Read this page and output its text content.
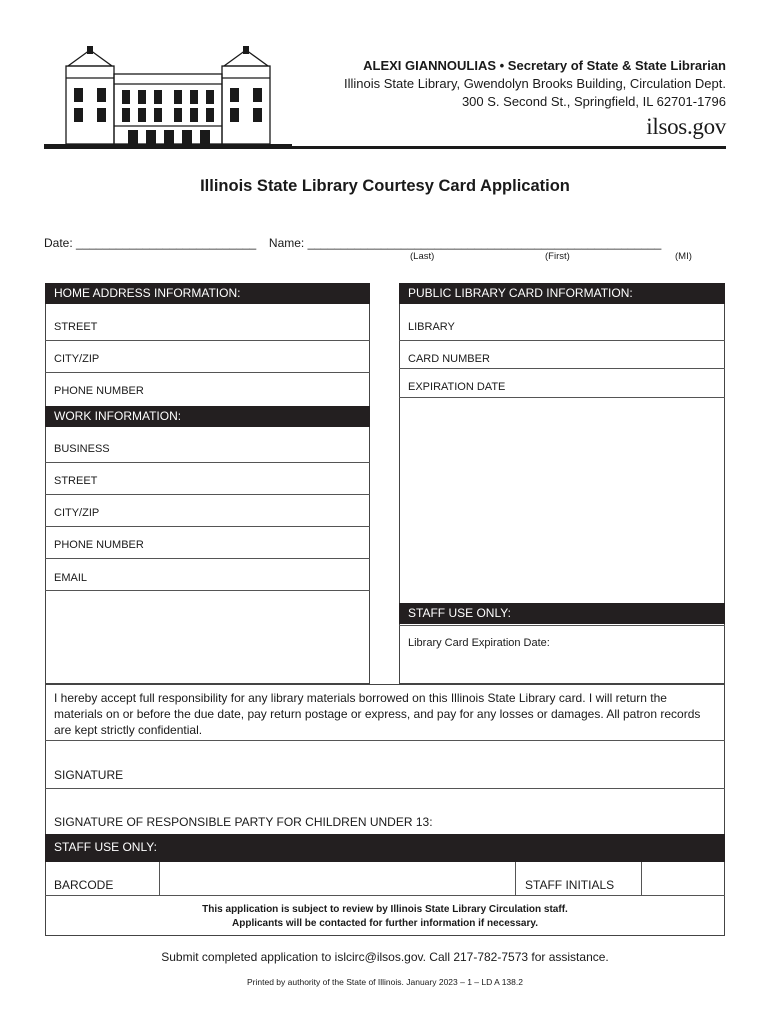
ALEXI GIANNOULIAS • Secretary of State & State Librarian
Illinois State Library, Gwendolyn Brooks Building, Circulation Dept.
300 S. Second St., Springfield, IL 62701-1796
ilsos.gov
Illinois State Library Courtesy Card Application
Date: ___________________________ Name: _____________________________________________________
(Last)	(First)	(MI)
HOME ADDRESS INFORMATION:
STREET
CITY/ZIP
PHONE NUMBER
WORK INFORMATION:
BUSINESS
STREET
CITY/ZIP
PHONE NUMBER
EMAIL
PUBLIC LIBRARY CARD INFORMATION:
LIBRARY
CARD NUMBER
EXPIRATION DATE
STAFF USE ONLY:
Library Card Expiration Date:
I hereby accept full responsibility for any library materials borrowed on this Illinois State Library card. I will return the materials on or before the due date, pay return postage or express, and pay for any losses or damages. All patron records are kept strictly confidential.
SIGNATURE
SIGNATURE OF RESPONSIBLE PARTY FOR CHILDREN UNDER 13:
STAFF USE ONLY:
BARCODE	STAFF INITIALS
This application is subject to review by Illinois State Library Circulation staff.
Applicants will be contacted for further information if necessary.
Submit completed application to islcirc@ilsos.gov. Call 217-782-7573 for assistance.
Printed by authority of the State of Illinois. January 2023 – 1 – LD A 138.2
